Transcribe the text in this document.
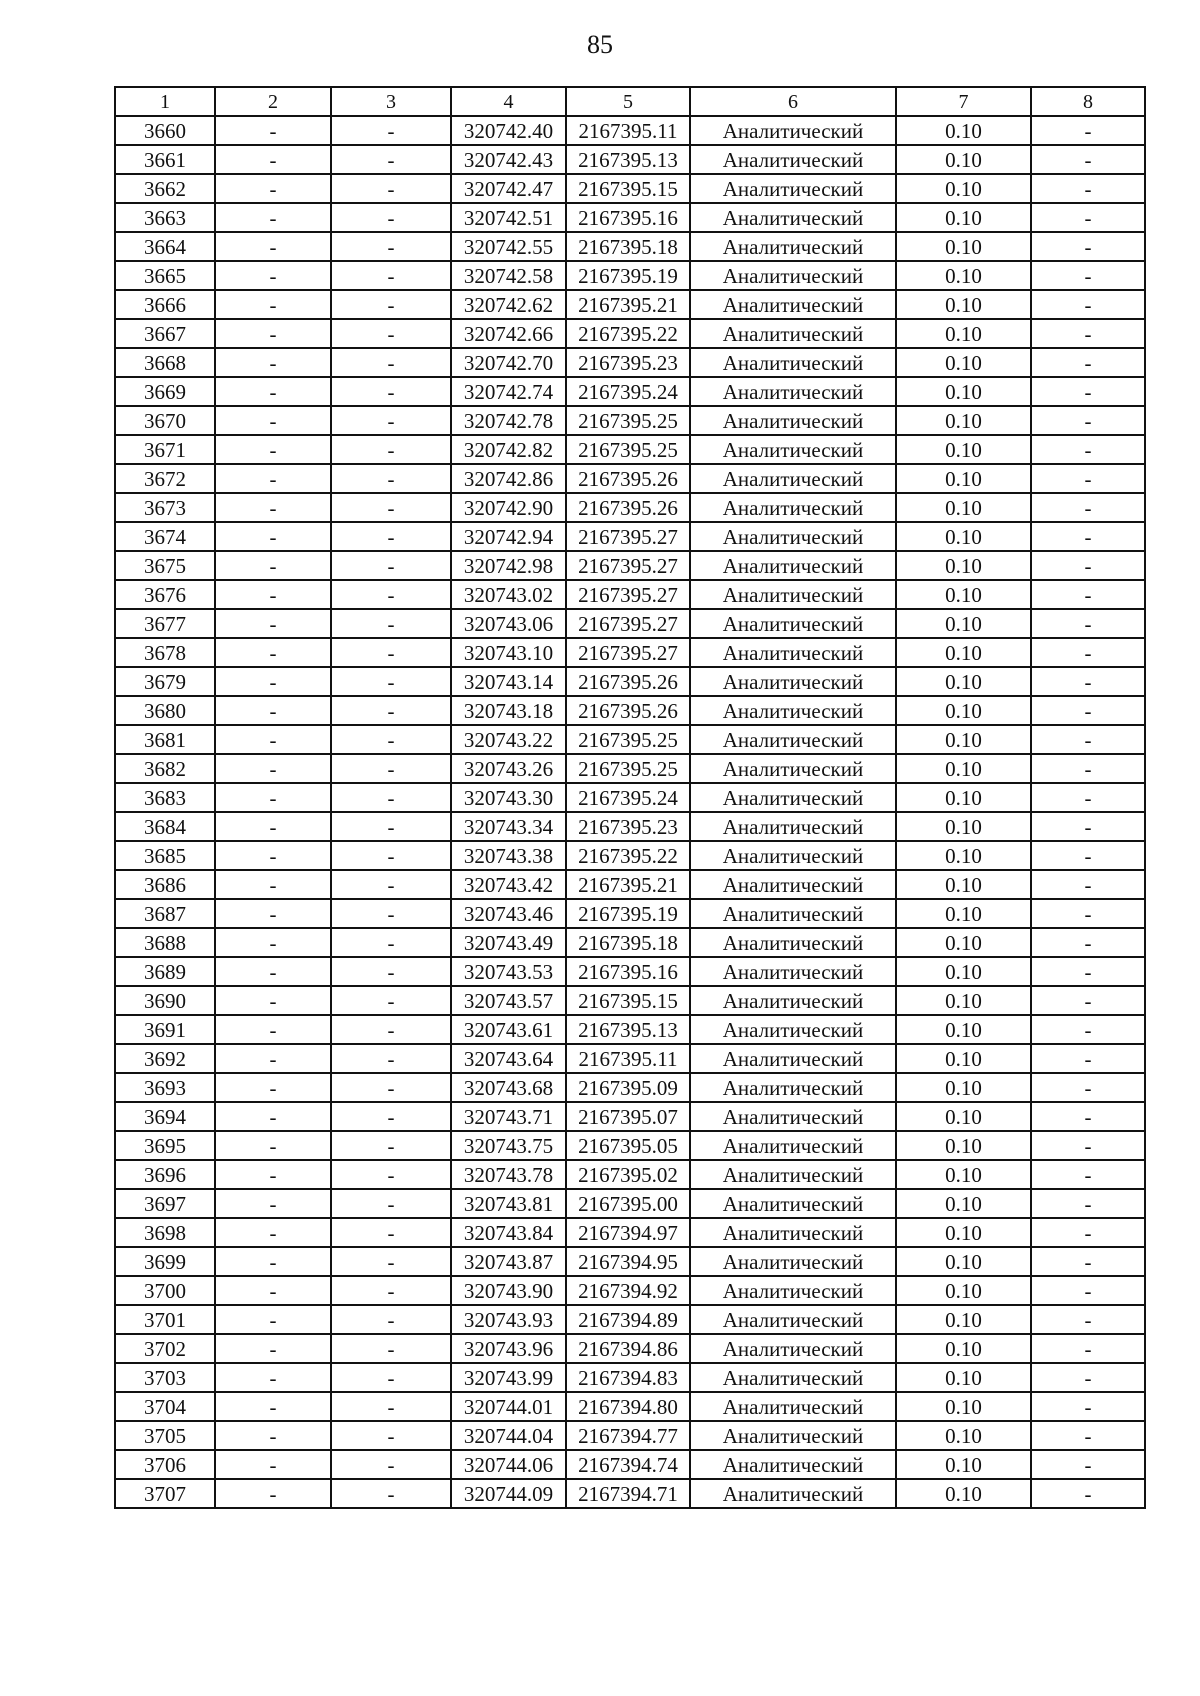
85
1	2	3	4	5	6	7	8
3660	-	-	320742.40	2167395.11	Аналитический	0.10	-
3661	-	-	320742.43	2167395.13	Аналитический	0.10	-
3662	-	-	320742.47	2167395.15	Аналитический	0.10	-
3663	-	-	320742.51	2167395.16	Аналитический	0.10	-
3664	-	-	320742.55	2167395.18	Аналитический	0.10	-
3665	-	-	320742.58	2167395.19	Аналитический	0.10	-
3666	-	-	320742.62	2167395.21	Аналитический	0.10	-
3667	-	-	320742.66	2167395.22	Аналитический	0.10	-
3668	-	-	320742.70	2167395.23	Аналитический	0.10	-
3669	-	-	320742.74	2167395.24	Аналитический	0.10	-
3670	-	-	320742.78	2167395.25	Аналитический	0.10	-
3671	-	-	320742.82	2167395.25	Аналитический	0.10	-
3672	-	-	320742.86	2167395.26	Аналитический	0.10	-
3673	-	-	320742.90	2167395.26	Аналитический	0.10	-
3674	-	-	320742.94	2167395.27	Аналитический	0.10	-
3675	-	-	320742.98	2167395.27	Аналитический	0.10	-
3676	-	-	320743.02	2167395.27	Аналитический	0.10	-
3677	-	-	320743.06	2167395.27	Аналитический	0.10	-
3678	-	-	320743.10	2167395.27	Аналитический	0.10	-
3679	-	-	320743.14	2167395.26	Аналитический	0.10	-
3680	-	-	320743.18	2167395.26	Аналитический	0.10	-
3681	-	-	320743.22	2167395.25	Аналитический	0.10	-
3682	-	-	320743.26	2167395.25	Аналитический	0.10	-
3683	-	-	320743.30	2167395.24	Аналитический	0.10	-
3684	-	-	320743.34	2167395.23	Аналитический	0.10	-
3685	-	-	320743.38	2167395.22	Аналитический	0.10	-
3686	-	-	320743.42	2167395.21	Аналитический	0.10	-
3687	-	-	320743.46	2167395.19	Аналитический	0.10	-
3688	-	-	320743.49	2167395.18	Аналитический	0.10	-
3689	-	-	320743.53	2167395.16	Аналитический	0.10	-
3690	-	-	320743.57	2167395.15	Аналитический	0.10	-
3691	-	-	320743.61	2167395.13	Аналитический	0.10	-
3692	-	-	320743.64	2167395.11	Аналитический	0.10	-
3693	-	-	320743.68	2167395.09	Аналитический	0.10	-
3694	-	-	320743.71	2167395.07	Аналитический	0.10	-
3695	-	-	320743.75	2167395.05	Аналитический	0.10	-
3696	-	-	320743.78	2167395.02	Аналитический	0.10	-
3697	-	-	320743.81	2167395.00	Аналитический	0.10	-
3698	-	-	320743.84	2167394.97	Аналитический	0.10	-
3699	-	-	320743.87	2167394.95	Аналитический	0.10	-
3700	-	-	320743.90	2167394.92	Аналитический	0.10	-
3701	-	-	320743.93	2167394.89	Аналитический	0.10	-
3702	-	-	320743.96	2167394.86	Аналитический	0.10	-
3703	-	-	320743.99	2167394.83	Аналитический	0.10	-
3704	-	-	320744.01	2167394.80	Аналитический	0.10	-
3705	-	-	320744.04	2167394.77	Аналитический	0.10	-
3706	-	-	320744.06	2167394.74	Аналитический	0.10	-
3707	-	-	320744.09	2167394.71	Аналитический	0.10	-
